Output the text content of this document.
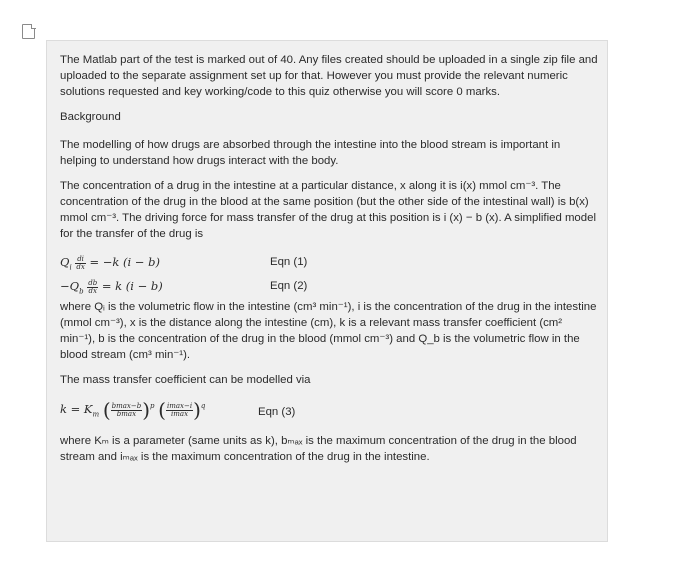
The Matlab part of the test is marked out of 40. Any files created should be uploaded in a single zip file and uploaded to the separate assignment set up for that. However you must provide the relevant numeric solutions requested and key working/code to this quiz otherwise you will score 0 marks.

Background

The modelling of how drugs are absorbed through the intestine into the blood stream is important in helping to understand how drugs interact with the body.

The concentration of a drug in the intestine at a particular distance, x along it is i(x) mmol cm⁻³. The concentration of the drug in the blood at the same position (but the other side of the intestinal wall) is b(x) mmol cm⁻³. The driving force for mass transfer of the drug at this position is i (x) − b (x). A simplified model for the transfer of the drug is

$Q_i \frac{di}{dx} = -k$ (i − b)	Eqn (1)
$-Q_b \frac{db}{dx} = k$ (i − b)	Eqn (2)

where Qᵢ is the volumetric flow in the intestine (cm³ min⁻¹), i is the concentration of the drug in the intestine (mmol cm⁻³), x is the distance along the intestine (cm), k is a relevant mass transfer coefficient (cm² min⁻¹), b is the concentration of the drug in the blood (mmol cm⁻³) and Q_b is the volumetric flow in the blood stream (cm³ min⁻¹).

The mass transfer coefficient can be modelled via

$k = K_m$ ( $\frac{bmax-b}{bmax} )^p$ ( $\frac{imax-i}{imax} )^q$	Eqn (3)

where Kₘ is a parameter (same units as k), bₘₐₓ is the maximum concentration of the drug in the blood stream and iₘₐₓ is the maximum concentration of the drug in the intestine.
